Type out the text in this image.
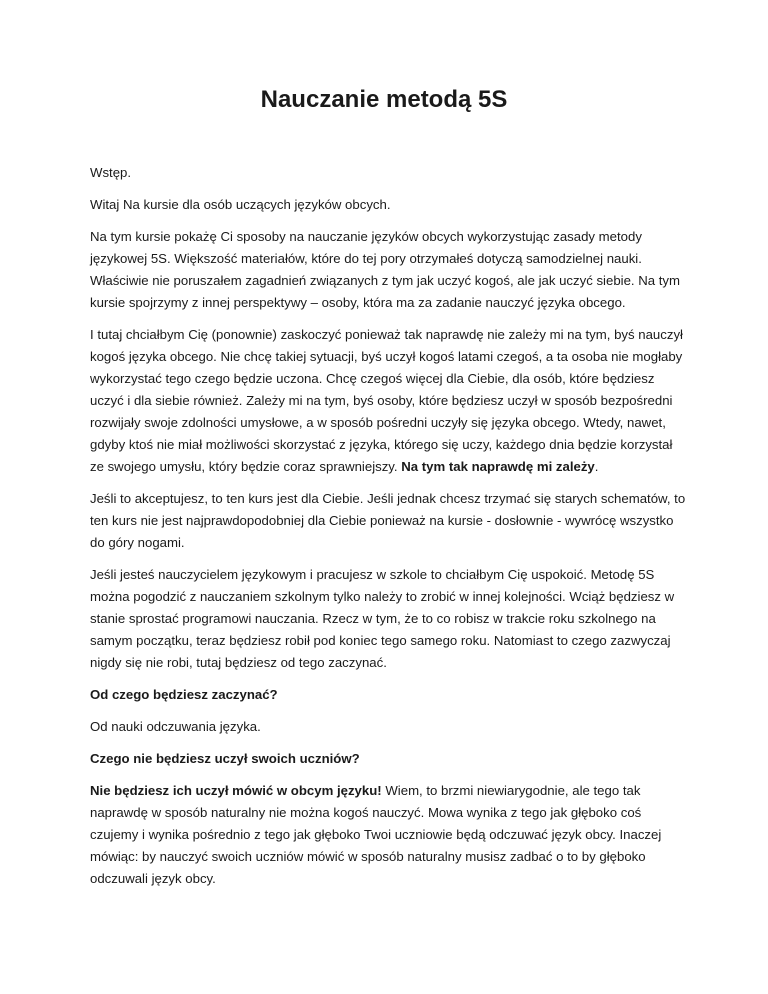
Nauczanie metodą 5S

Wstęp.

Witaj Na kursie dla osób uczących języków obcych.

Na tym kursie pokażę Ci sposoby na nauczanie języków obcych wykorzystując zasady metody językowej 5S. Większość materiałów, które do tej pory otrzymałeś dotyczą samodzielnej nauki. Właściwie nie poruszałem zagadnień związanych z tym jak uczyć kogoś, ale jak uczyć siebie. Na tym kursie spojrzymy z innej perspektywy – osoby, która ma za zadanie nauczyć języka obcego.

I tutaj chciałbym Cię (ponownie) zaskoczyć ponieważ tak naprawdę nie zależy mi na tym, byś nauczył kogoś języka obcego. Nie chcę takiej sytuacji, byś uczył kogoś latami czegoś, a ta osoba nie mogłaby wykorzystać tego czego będzie uczona. Chcę czegoś więcej dla Ciebie, dla osób, które będziesz uczyć i dla siebie również. Zależy mi na tym, byś osoby, które będziesz uczył w sposób bezpośredni rozwijały swoje zdolności umysłowe, a w sposób pośredni uczyły się języka obcego. Wtedy, nawet, gdyby ktoś nie miał możliwości skorzystać z języka, którego się uczy, każdego dnia będzie korzystał ze swojego umysłu, który będzie coraz sprawniejszy. Na tym tak naprawdę mi zależy.

Jeśli to akceptujesz, to ten kurs jest dla Ciebie. Jeśli jednak chcesz trzymać się starych schematów, to ten kurs nie jest najprawdopodobniej dla Ciebie ponieważ na kursie - dosłownie - wywrócę wszystko do góry nogami.

Jeśli jesteś nauczycielem językowym i pracujesz w szkole to chciałbym Cię uspokoić. Metodę 5S można pogodzić z nauczaniem szkolnym tylko należy to zrobić w innej kolejności. Wciąż będziesz w stanie sprostać programowi nauczania. Rzecz w tym, że to co robisz w trakcie roku szkolnego na samym początku, teraz będziesz robił pod koniec tego samego roku. Natomiast to czego zazwyczaj nigdy się nie robi, tutaj będziesz od tego zaczynać.

Od czego będziesz zaczynać?

Od nauki odczuwania języka.

Czego nie będziesz uczył swoich uczniów?

Nie będziesz ich uczył mówić w obcym języku! Wiem, to brzmi niewiarygodnie, ale tego tak naprawdę w sposób naturalny nie można kogoś nauczyć. Mowa wynika z tego jak głęboko coś czujemy i wynika pośrednio z tego jak głęboko Twoi uczniowie będą odczuwać język obcy. Inaczej mówiąc: by nauczyć swoich uczniów mówić w sposób naturalny musisz zadbać o to by głęboko odczuwali język obcy.
